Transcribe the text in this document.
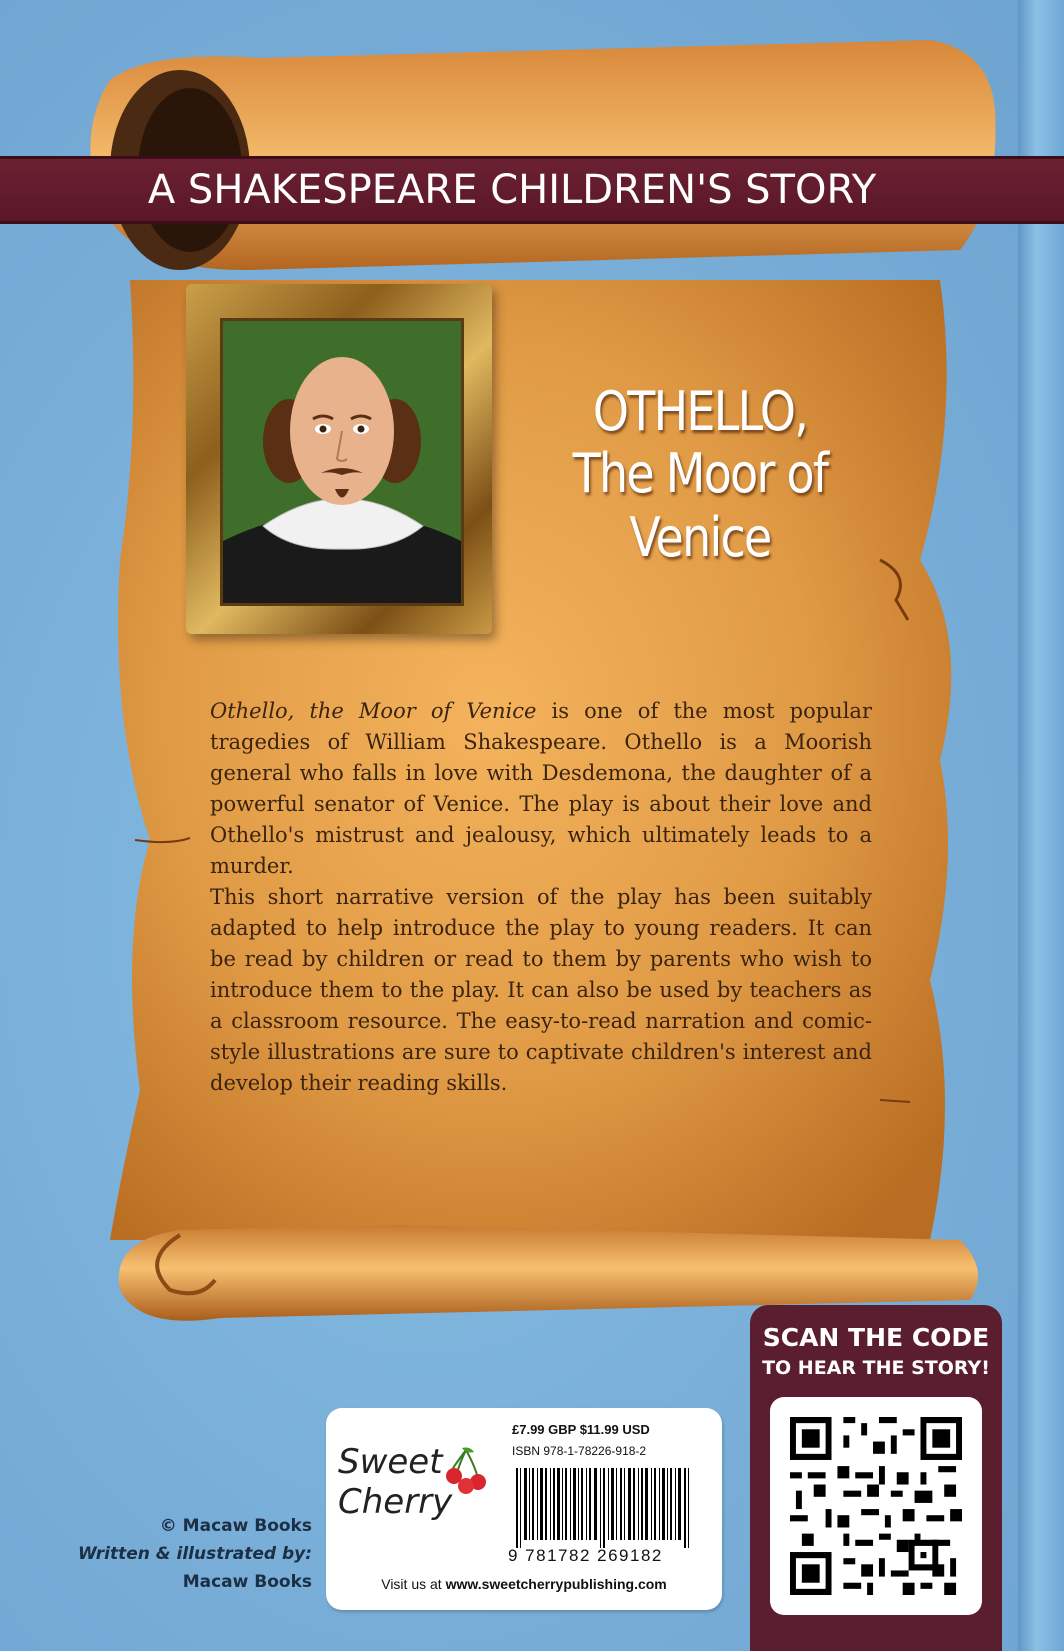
A SHAKESPEARE CHILDREN'S STORY
OTHELLO,
The Moor of Venice
Othello, the Moor of Venice is one of the most popular tragedies of William Shakespeare. Othello is a Moorish general who falls in love with Desdemona, the daughter of a powerful senator of Venice. The play is about their love and Othello's mistrust and jealousy, which ultimately leads to a murder.
This short narrative version of the play has been suitably adapted to help introduce the play to young readers. It can be read by children or read to them by parents who wish to introduce them to the play. It can also be used by teachers as a classroom resource. The easy-to-read narration and comic-style illustrations are sure to captivate children's interest and develop their reading skills.
SCAN THE CODE
TO HEAR THE STORY!
Sweet
Cherry
£7.99 GBP $11.99 USD
ISBN 978-1-78226-918-2
9 781782 269182
Visit us at www.sweetcherrypublishing.com
© Macaw Books
Written & illustrated by:
Macaw Books
